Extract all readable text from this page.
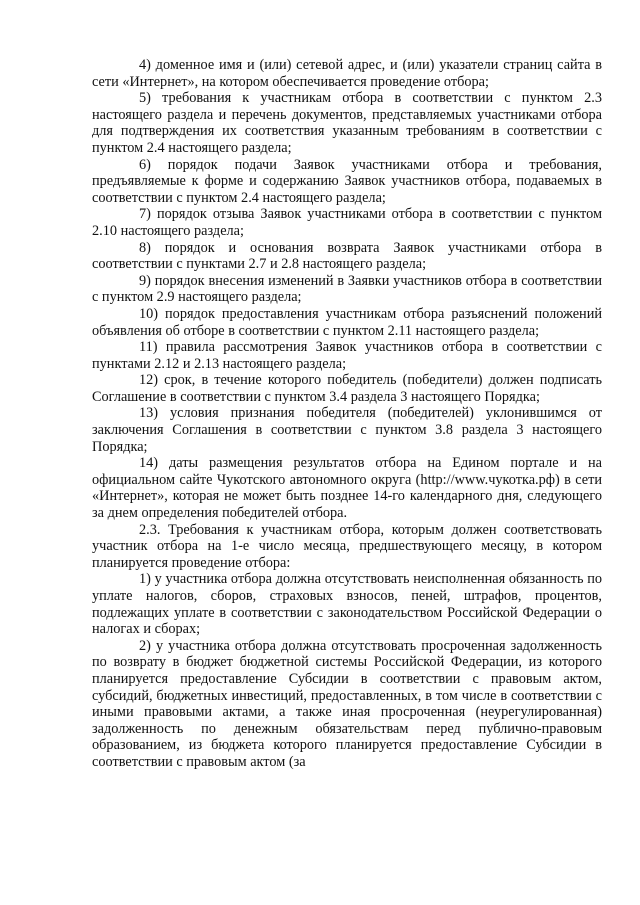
4) доменное имя и (или) сетевой адрес, и (или) указатели страниц сайта в сети «Интернет», на котором обеспечивается проведение отбора;

5) требования к участникам отбора в соответствии с пунктом 2.3 настоящего раздела и перечень документов, представляемых участниками отбора для подтверждения их соответствия указанным требованиям в соответствии с пунктом 2.4 настоящего раздела;

6) порядок подачи Заявок участниками отбора и требования, предъявляемые к форме и содержанию Заявок участников отбора, подаваемых в соответствии с пунктом 2.4 настоящего раздела;

7) порядок отзыва Заявок участниками отбора в соответствии с пунктом 2.10 настоящего раздела;

8) порядок и основания возврата Заявок участниками отбора в соответствии с пунктами 2.7 и 2.8 настоящего раздела;

9) порядок внесения изменений в Заявки участников отбора в соответствии с пунктом 2.9 настоящего раздела;

10) порядок предоставления участникам отбора разъяснений положений объявления об отборе в соответствии с пунктом 2.11 настоящего раздела;

11) правила рассмотрения Заявок участников отбора в соответствии с пунктами 2.12 и 2.13 настоящего раздела;

12) срок, в течение которого победитель (победители) должен подписать Соглашение в соответствии с пунктом 3.4 раздела 3 настоящего Порядка;

13) условия признания победителя (победителей) уклонившимся от заключения Соглашения в соответствии с пунктом 3.8 раздела 3 настоящего Порядка;

14) даты размещения результатов отбора на Едином портале и на официальном сайте Чукотского автономного округа (http://www.чукотка.рф) в сети «Интернет», которая не может быть позднее 14-го календарного дня, следующего за днем определения победителей отбора.

2.3. Требования к участникам отбора, которым должен соответствовать участник отбора на 1-е число месяца, предшествующего месяцу, в котором планируется проведение отбора:

1) у участника отбора должна отсутствовать неисполненная обязанность по уплате налогов, сборов, страховых взносов, пеней, штрафов, процентов, подлежащих уплате в соответствии с законодательством Российской Федерации о налогах и сборах;

2) у участника отбора должна отсутствовать просроченная задолженность по возврату в бюджет бюджетной системы Российской Федерации, из которого планируется предоставление Субсидии в соответствии с правовым актом, субсидий, бюджетных инвестиций, предоставленных, в том числе в соответствии с иными правовыми актами, а также иная просроченная (неурегулированная) задолженность по денежным обязательствам перед публично-правовым образованием, из бюджета которого планируется предоставление Субсидии в соответствии с правовым актом (за
